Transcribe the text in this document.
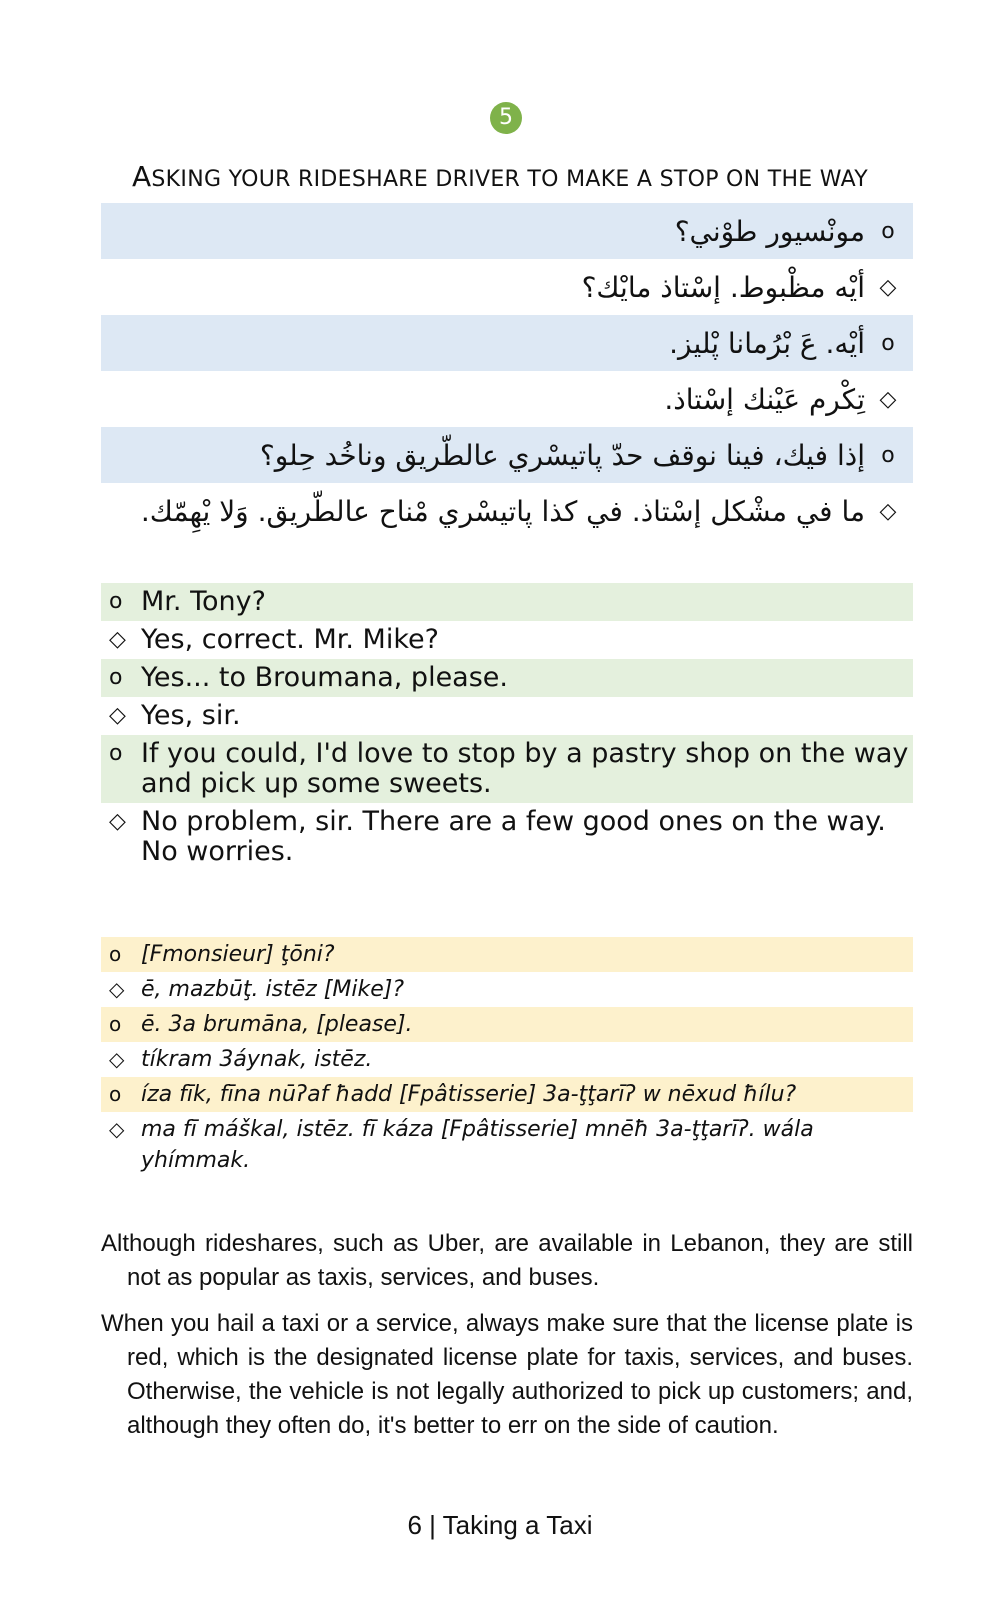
5
ASKING YOUR RIDESHARE DRIVER TO MAKE A STOP ON THE WAY
o
مونْسيور طوْني؟
◇
أيْه مظْبوط. إسْتاذ مايْك؟
o
أيْه. عَ بْرُمانا پْليز.
◇
تِكْرم عَيْنك إسْتاذ.
o
إذا فيك، فينا نوقف حدّ پاتيسْري عالطّريق وناخُد حِلو؟
◇
ما في مشْكل إسْتاذ. في كذا پاتيسْري مْناح عالطّريق. وَلا يْهِمّك.
o Mr. Tony?
◇ Yes, correct. Mr. Mike?
o Yes... to Broumana, please.
◇ Yes, sir.
o If you could, I'd love to stop by a pastry shop on the way and pick up some sweets.
◇ No problem, sir. There are a few good ones on the way. No worries.
o [Fmonsieur] ţōni?
◇ ē, mazbūţ. istēz [Mike]?
o ē. 3a brumāna, [please].
◇ tíkram 3áynak, istēz.
o íza fīk, fīna nūʔaf ħadd [Fpâtisserie] 3a-ţţarīʔ w nēxud ħílu?
◇ ma fī máškal, istēz. fī káza [Fpâtisserie] mnēħ 3a-ţţarīʔ. wála yhímmak.

Although rideshares, such as Uber, are available in Lebanon, they are still not as popular as taxis, services, and buses.

When you hail a taxi or a service, always make sure that the license plate is red, which is the designated license plate for taxis, services, and buses. Otherwise, the vehicle is not legally authorized to pick up customers; and, although they often do, it's better to err on the side of caution.

6 | Taking a Taxi
